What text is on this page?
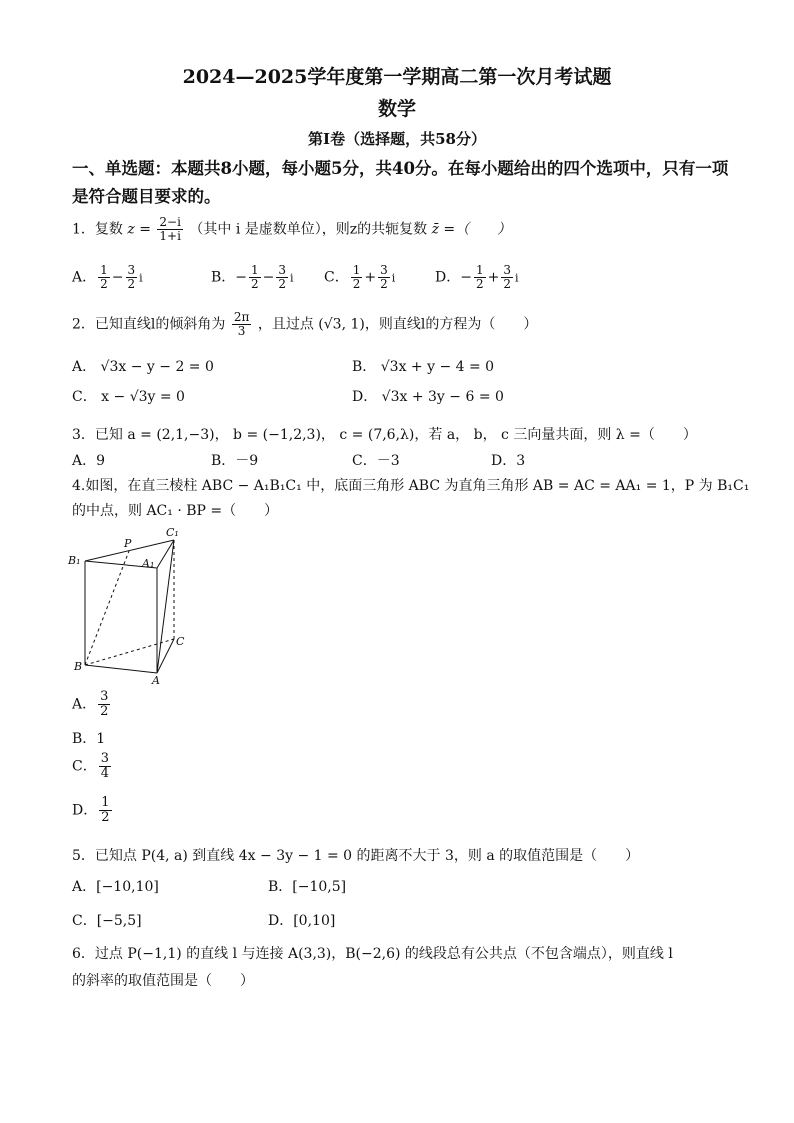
2024—2025学年度第一学期高二第一次月考试题
数学
第Ⅰ卷（选择题，共58分）
一、单选题：本题共8小题，每小题5分，共40分。在每小题给出的四个选项中，只有一项是符合题目要求的。
1．复数 $z = \frac{2-i}{1+i}$ （其中 i 是虚数单位），则z的共轭复数 z̄ =（　　）
A． $\frac{1}{2} - \frac{3}{2}$ i	B．− $\frac{1}{2} - \frac{3}{2}$ i C． $\frac{1}{2} + \frac{3}{2}$ i	D．− $\frac{1}{2} + \frac{3}{2}$ i
2．已知直线l的倾斜角为 $\frac{2\pi}{3}$ ，且过点 (√3, 1)，则直线l的方程为（　　）
A． √3x − y − 2 = 0	B． √3x + y − 4 = 0
C． x − √3y = 0	D． √3x + 3y − 6 = 0
3．已知 a = (2,1,−3)， b = (−1,2,3)， c = (7,6,λ)，若 a， b， c 三向量共面，则 λ =（　　）
A．9	B．－9	C．－3	D．3
4.如图，在直三棱柱 ABC − A₁B₁C₁ 中，底面三角形 ABC 为直角三角形 AB = AC = AA₁ = 1，P 为 B₁C₁
的中点，则 AC₁ · BP =（　　）
B₁
P
C₁
A₁
B
C
A
A． $\frac{3}{2}$
B．1
C． $\frac{3}{4}$
D． $\frac{1}{2}$
5．已知点 P(4, a) 到直线 4x − 3y − 1 = 0 的距离不大于 3，则 a 的取值范围是（　　）
A．[−10,10]	B．[−10,5]
C．[−5,5]	D．[0,10]
6．过点 P(−1,1) 的直线 l 与连接 A(3,3)，B(−2,6) 的线段总有公共点（不包含端点），则直线 l
的斜率的取值范围是（　　）
